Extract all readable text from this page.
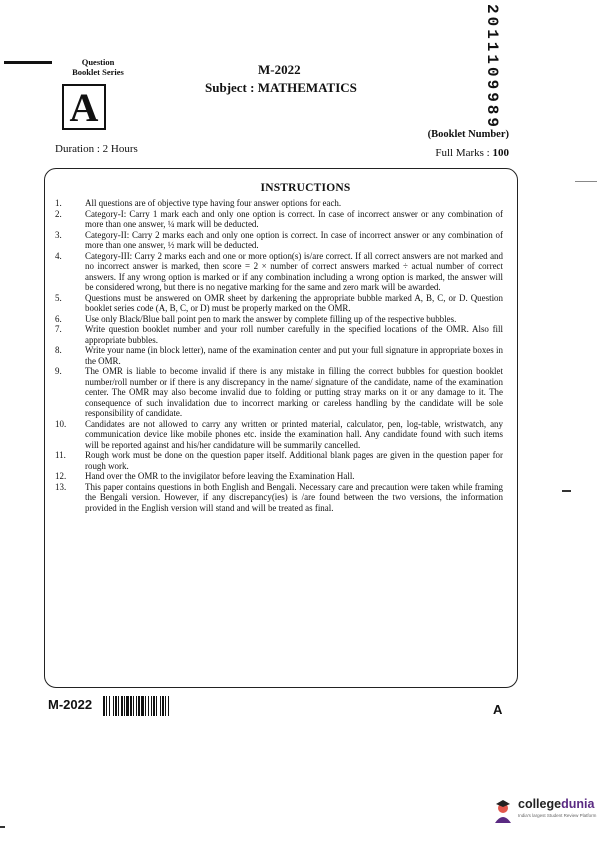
Question
Booklet Series
A
M-2022
Subject : MATHEMATICS	2011109989
(Booklet Number)
Duration : 2 Hours	Full Marks : 100
INSTRUCTIONS
1.	All questions are of objective type having four answer options for each.
2.	Category-I: Carry 1 mark each and only one option is correct. In case of incorrect answer or any combination of more than one answer, ¼ mark will be deducted.
3.	Category-II: Carry 2 marks each and only one option is correct. In case of incorrect answer or any combination of more than one answer, ½ mark will be deducted.
4.	Category-III: Carry 2 marks each and one or more option(s) is/are correct. If all correct answers are not marked and no incorrect answer is marked, then score = 2 × number of correct answers marked ÷ actual number of correct answers. If any wrong option is marked or if any combination including a wrong option is marked, the answer will be considered wrong, but there is no negative marking for the same and zero mark will be awarded.
5.	Questions must be answered on OMR sheet by darkening the appropriate bubble marked A, B, C, or D. Question booklet series code (A, B, C, or D) must be properly marked on the OMR.
6.	Use only Black/Blue ball point pen to mark the answer by complete filling up of the respective bubbles.
7.	Write question booklet number and your roll number carefully in the specified locations of the OMR. Also fill appropriate bubbles.
8.	Write your name (in block letter), name of the examination center and put your full signature in appropriate boxes in the OMR.
9.	The OMR is liable to become invalid if there is any mistake in filling the correct bubbles for question booklet number/roll number or if there is any discrepancy in the name/ signature of the candidate, name of the examination center. The OMR may also become invalid due to folding or putting stray marks on it or any damage to it. The consequence of such invalidation due to incorrect marking or careless handling by the candidate will be sole responsibility of candidate.
10.	Candidates are not allowed to carry any written or printed material, calculator, pen, log-table, wristwatch, any communication device like mobile phones etc. inside the examination hall. Any candidate found with such items will be reported against and his/her candidature will be summarily cancelled.
11.	Rough work must be done on the question paper itself. Additional blank pages are given in the question paper for rough work.
12.	Hand over the OMR to the invigilator before leaving the Examination Hall.
13.	This paper contains questions in both English and Bengali. Necessary care and precaution were taken while framing the Bengali version. However, if any discrepancy(ies) is /are found between the two versions, the information provided in the English version will stand and will be treated as final.
M-2022	A
collegedunia
India's largest Student Review Platform
